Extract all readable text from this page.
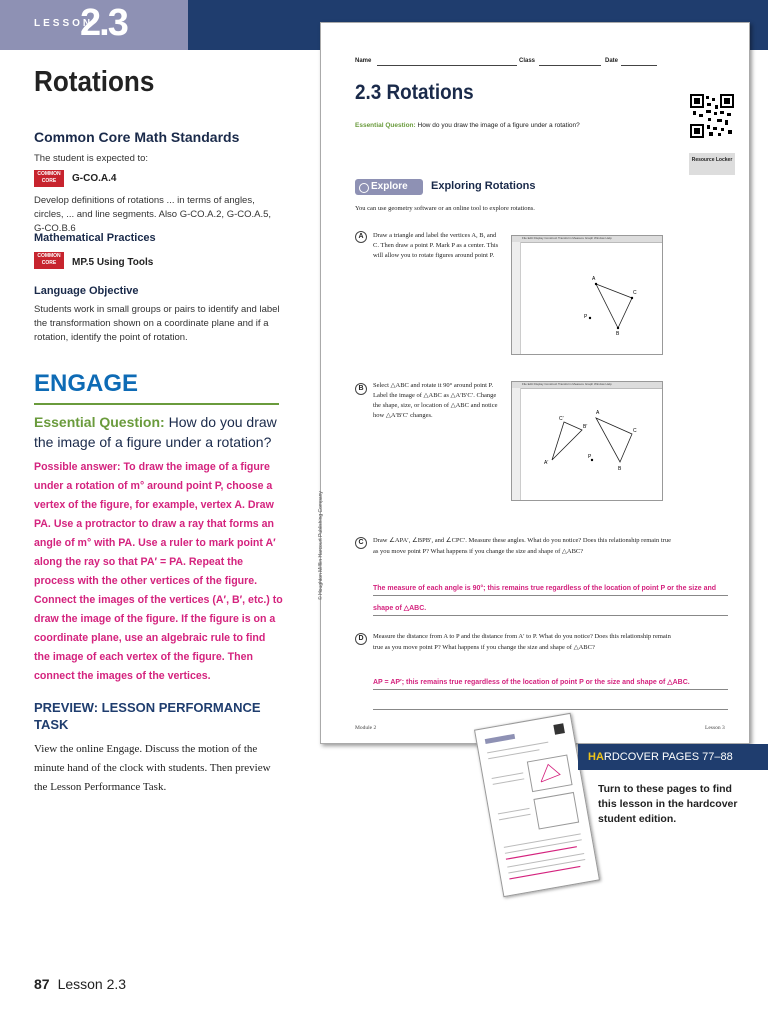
LESSON
2.3
Rotations
Common Core Math Standards
The student is expected to:
COMMON CORE	G-CO.A.4
Develop definitions of rotations ... in terms of angles, circles, ... and line segments. Also G-CO.A.2, G-CO.A.5, G-CO.B.6
Mathematical Practices
COMMON CORE	MP.5 Using Tools
Language Objective
Students work in small groups or pairs to identify and label the transformation shown on a coordinate plane and if a rotation, identify the point of rotation.
ENGAGE
Essential Question: How do you draw the image of a figure under a rotation?
Possible answer: To draw the image of a figure under a rotation of m° around point P, choose a vertex of the figure, for example, vertex A. Draw PA. Use a protractor to draw a ray that forms an angle of m° with PA. Use a ruler to mark point A′ along the ray so that PA′ = PA. Repeat the process with the other vertices of the figure. Connect the images of the vertices (A′, B′, etc.) to draw the image of the figure. If the figure is on a coordinate plane, use an algebraic rule to find the image of each vertex of the figure. Then connect the images of the vertices.
PREVIEW: LESSON PERFORMANCE TASK
View the online Engage. Discuss the motion of the minute hand of the clock with students. Then preview the Lesson Performance Task.
87 Lesson 2.3
Name	Class	Date
2.3 Rotations
Essential Question: How do you draw the image of a figure under a rotation?
Resource Locker
Explore	Exploring Rotations
You can use geometry software or an online tool to explore rotations.
A	Draw a triangle and label the vertices A, B, and C. Then draw a point P. Mark P as a center. This will allow you to rotate figures around point P.
File Edit Display Construct Transform Measure Graph Window Help
A
C
B
P
B	Select △ABC and rotate it 90° around point P. Label the image of △ABC as △A′B′C′. Change the shape, size, or location of △ABC and notice how △A′B′C′ changes.
File Edit Display Construct Transform Measure Graph Window Help
A
C
B
C′
B′
A′
P
C	Draw ∠APA′, ∠BPB′, and ∠CPC′. Measure these angles. What do you notice? Does this relationship remain true as you move point P? What happens if you change the size and shape of △ABC?
The measure of each angle is 90°; this remains true regardless of the location of point P or the size and shape of △ABC.
D	Measure the distance from A to P and the distance from A′ to P. What do you notice? Does this relationship remain true as you move point P? What happens if you change the size and shape of △ABC?
AP = AP′; this remains true regardless of the location of point P or the size and shape of △ABC.
Module 2	Lesson 3
© Houghton Mifflin Harcourt Publishing Company
HARDCOVER PAGES 77–88
Turn to these pages to find this lesson in the hardcover student edition.
